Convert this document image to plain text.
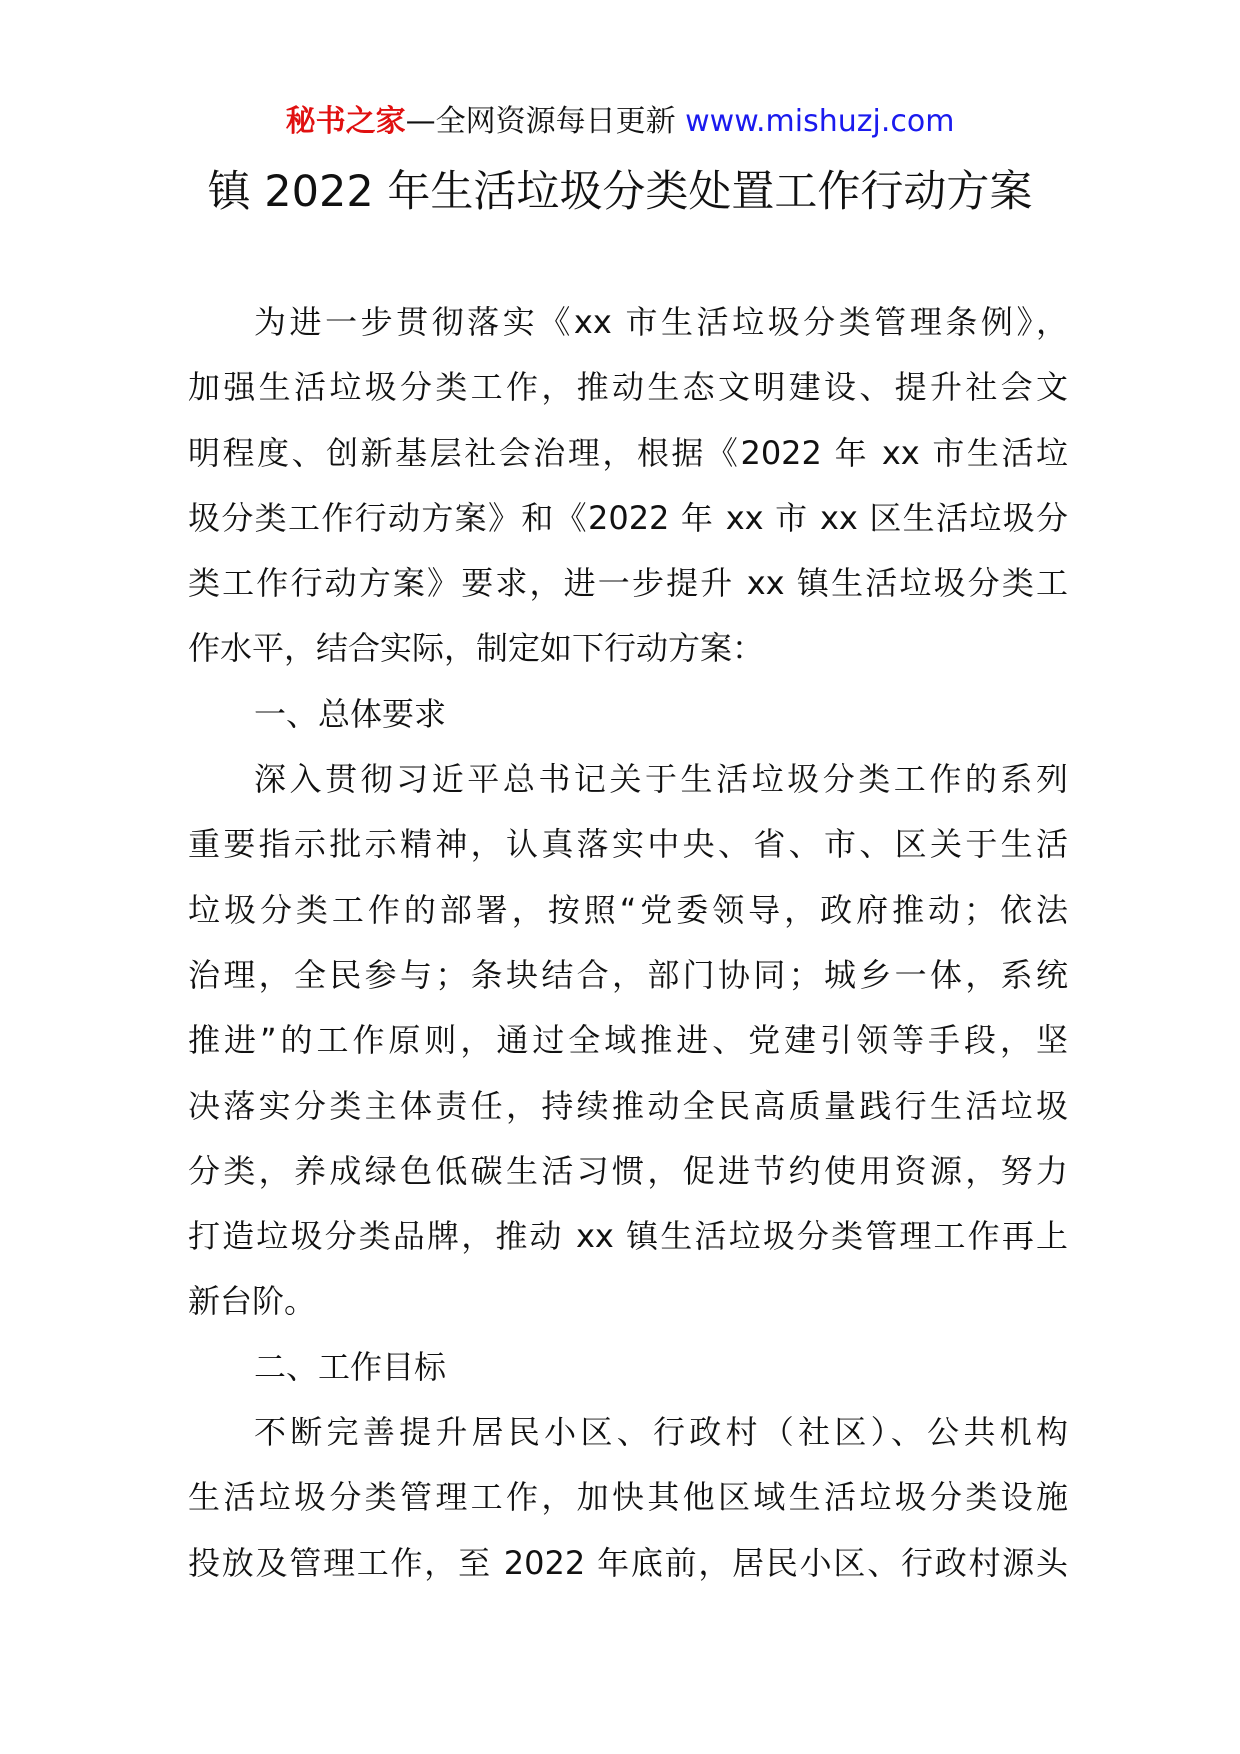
秘书之家—全网资源每日更新 www.mishuzj.com
镇 2022 年生活垃圾分类处置工作行动方案
为进一步贯彻落实《xx 市生活垃圾分类管理条例》，
加强生活垃圾分类工作，推动生态文明建设、提升社会文
明程度、创新基层社会治理，根据《2022 年 xx 市生活垃
圾分类工作行动方案》和《2022 年 xx 市 xx 区生活垃圾分
类工作行动方案》要求，进一步提升 xx 镇生活垃圾分类工
作水平，结合实际，制定如下行动方案：
一、总体要求
深入贯彻习近平总书记关于生活垃圾分类工作的系列
重要指示批示精神，认真落实中央、省、市、区关于生活
垃圾分类工作的部署，按照“党委领导，政府推动；依法
治理，全民参与；条块结合，部门协同；城乡一体，系统
推进”的工作原则，通过全域推进、党建引领等手段，坚
决落实分类主体责任，持续推动全民高质量践行生活垃圾
分类，养成绿色低碳生活习惯，促进节约使用资源，努力
打造垃圾分类品牌，推动 xx 镇生活垃圾分类管理工作再上
新台阶。
二、工作目标
不断完善提升居民小区、行政村（社区）、公共机构
生活垃圾分类管理工作，加快其他区域生活垃圾分类设施
投放及管理工作，至 2022 年底前，居民小区、行政村源头
